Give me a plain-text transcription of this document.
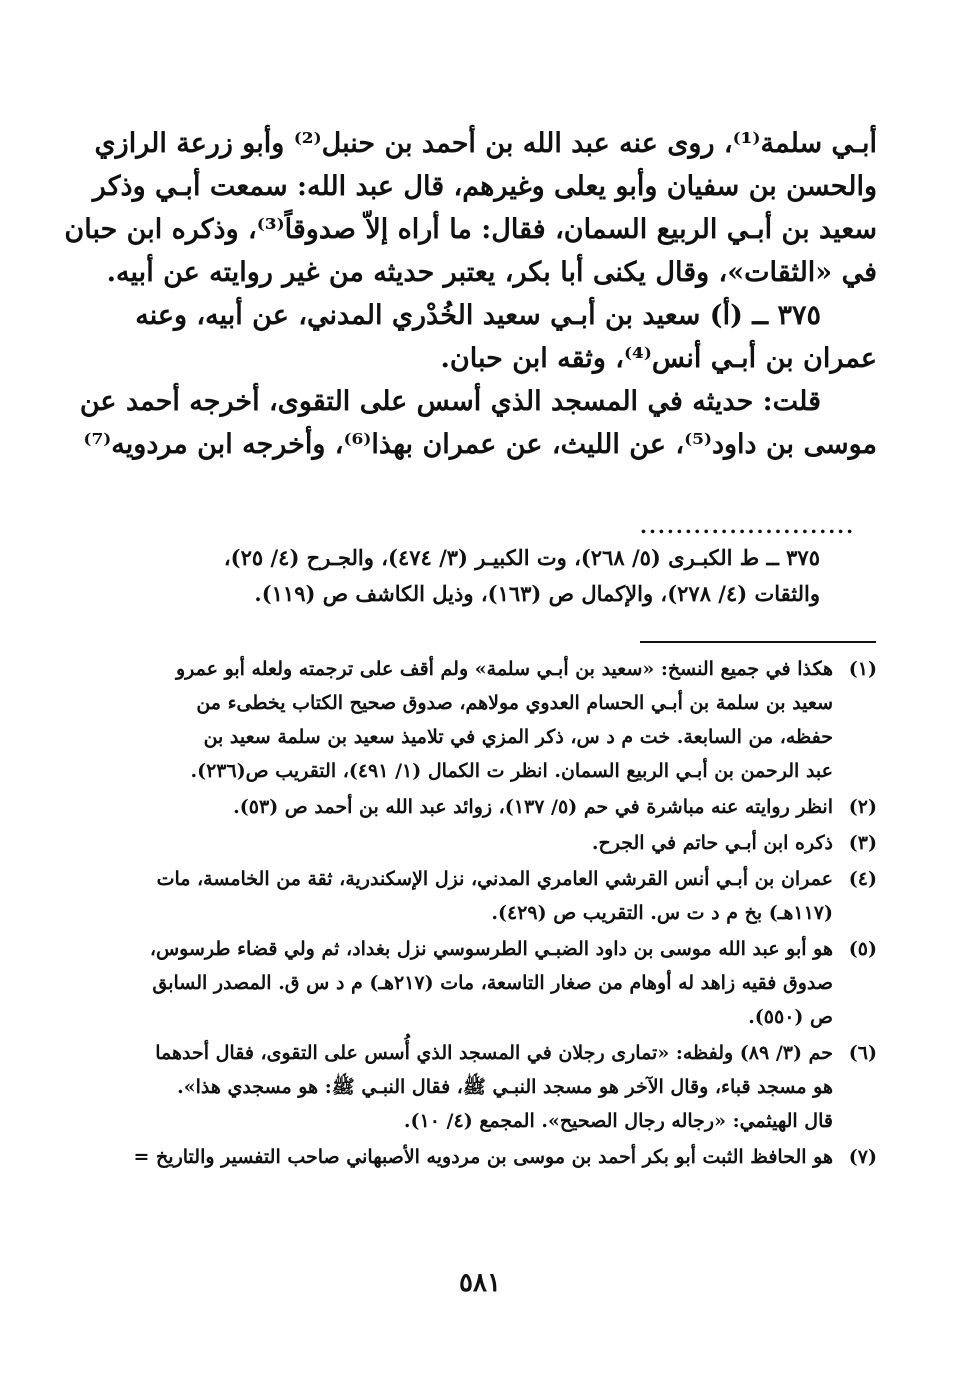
أبـي سلمة⁽¹⁾، روى عنه عبد الله بن أحمد بن حنبل⁽²⁾ وأبو زرعة الرازي
والحسن بن سفيان وأبو يعلى وغيرهم، قال عبد الله: سمعت أبـي وذكر
سعيد بن أبـي الربيع السمان، فقال: ما أراه إلاّ صدوقاً⁽³⁾، وذكره ابن حبان
في «الثقات»، وقال يكنى أبا بكر، يعتبر حديثه من غير روايته عن أبيه.
٣٧٥ ــ (أ) سعيد بن أبـي سعيد الخُدْري المدني، عن أبيه، وعنه
عمران بن أبـي أنس⁽⁴⁾، وثقه ابن حبان.
قلت: حديثه في المسجد الذي أسس على التقوى، أخرجه أحمد عن
موسى بن داود⁽⁵⁾، عن الليث، عن عمران بهذا⁽⁶⁾، وأخرجه ابن مردويه⁽⁷⁾
........................
٣٧٥ ــ ط الكبـرى (٥/ ٢٦٨)، وت الكبيـر (٣/ ٤٧٤)، والجـرح (٤/ ٢٥)،
والثقات (٤/ ٢٧٨)، والإكمال ص (١٦٣)، وذيل الكاشف ص (١١٩).
(١)
هكذا في جميع النسخ: «سعيد بن أبـي سلمة» ولم أقف على ترجمته ولعله أبو عمرو
سعيد بن سلمة بن أبـي الحسام العدوي مولاهم، صدوق صحيح الكتاب يخطىء من
حفظه، من السابعة. خت م د س، ذكر المزي في تلاميذ سعيد بن سلمة سعيد بن
عبد الرحمن بن أبـي الربيع السمان. انظر ت الكمال (١/ ٤٩١)، التقريب ص(٢٣٦).
(٢)
انظر روايته عنه مباشرة في حم (٥/ ١٣٧)، زوائد عبد الله بن أحمد ص (٥٣).
(٣)
ذكره ابن أبـي حاتم في الجرح.
(٤)
عمران بن أبـي أنس القرشي العامري المدني، نزل الإسكندرية، ثقة من الخامسة، مات
(١١٧هـ) بخ م د ت س. التقريب ص (٤٢٩).
(٥)
هو أبو عبد الله موسى بن داود الضبـي الطرسوسي نزل بغداد، ثم ولي قضاء طرسوس،
صدوق فقيه زاهد له أوهام من صغار التاسعة، مات (٢١٧هـ) م د س ق. المصدر السابق
ص (٥٥٠).
(٦)
حم (٣/ ٨٩) ولفظه: «تمارى رجلان في المسجد الذي أُسس على التقوى، فقال أحدهما
هو مسجد قباء، وقال الآخر هو مسجد النبـي ﷺ، فقال النبـي ﷺ: هو مسجدي هذا».
قال الهيثمي: «رجاله رجال الصحيح». المجمع (٤/ ١٠).
(٧)
هو الحافظ الثبت أبو بكر أحمد بن موسى بن مردويه الأصبهاني صاحب التفسير والتاريخ =
٥٨١
